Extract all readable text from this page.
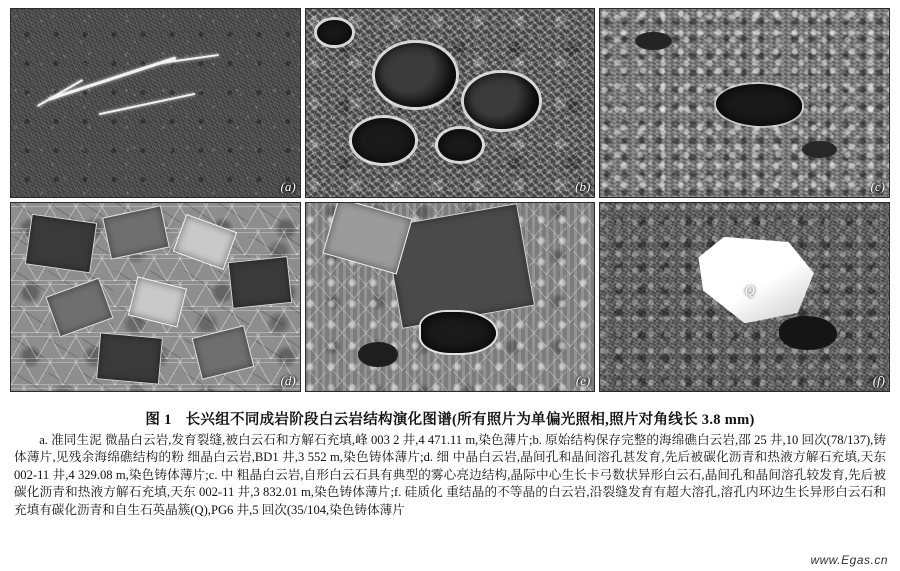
(a)	(b)	(c)
(d)	(e)
Q
(f)
图 1 长兴组不同成岩阶段白云岩结构演化图谱(所有照片为单偏光照相,照片对角线长 3.8 mm)
a. 准同生泥 微晶白云岩,发育裂缝,被白云石和方解石充填,峰 003 2 井,4 471.11 m,染色薄片;b. 原始结构保存完整的海绵礁白云岩,邵 25 井,10 回次(78/137),铸体薄片,见残余海绵礁结构的粉 细晶白云岩,BD1 井,3 552 m,染色铸体薄片;d. 细 中晶白云岩,晶间孔和晶间溶孔甚发育,先后被碳化沥青和热液方解石充填,天东 002-11 井,4 329.08 m,染色铸体薄片;c. 中 粗晶白云岩,自形白云石具有典型的雾心亮边结构,晶际中心生长卡弓数状异形白云石,晶间孔和晶间溶孔较发育,先后被碳化沥青和热液方解石充填,天东 002-11 井,3 832.01 m,染色铸体薄片;f. 硅质化 重结晶的不等晶的白云岩,沿裂缝发育有超大溶孔,溶孔内环边生长异形白云石和充填有碳化沥青和自生石英晶簇(Q),PG6 井,5 回次(35/104,染色铸体薄片
www.Egas.cn
